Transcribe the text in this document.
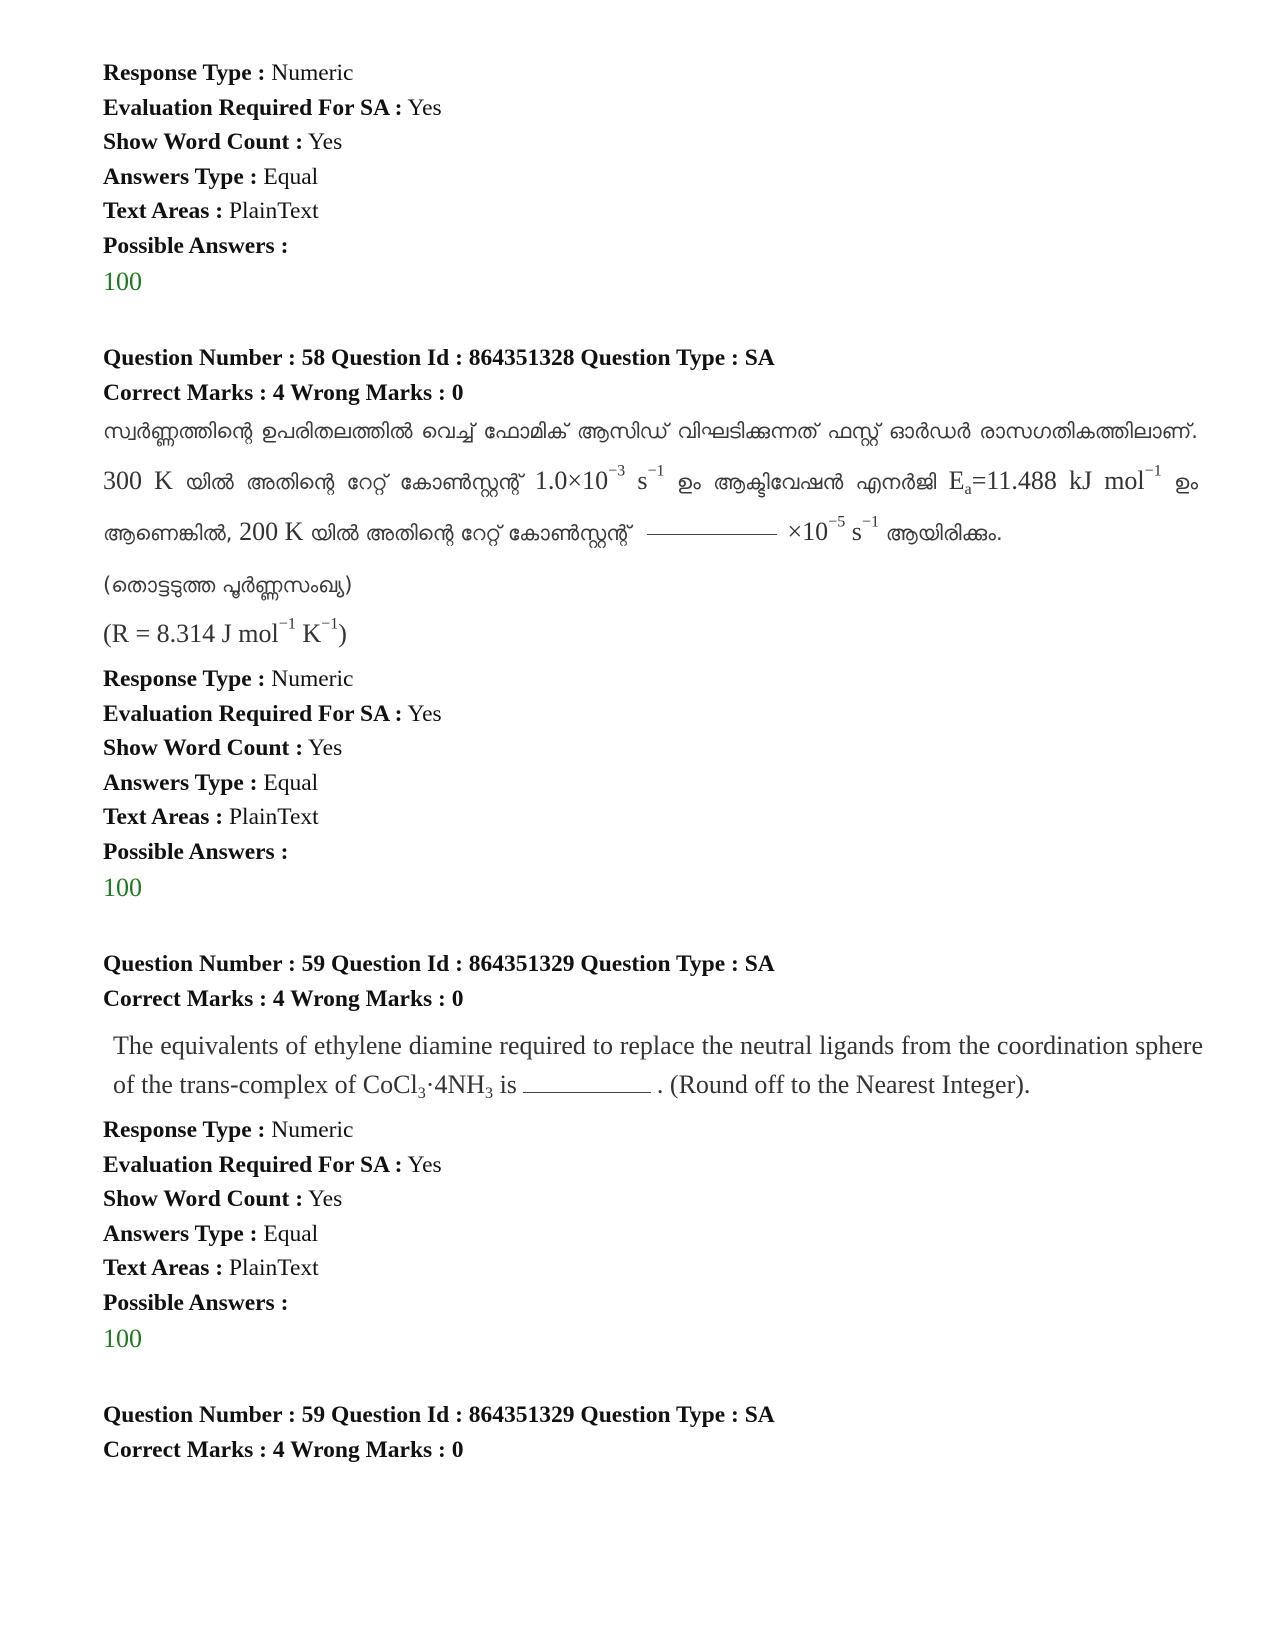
Response Type : Numeric
Evaluation Required For SA : Yes
Show Word Count : Yes
Answers Type : Equal
Text Areas : PlainText
Possible Answers :
100
Question Number : 58 Question Id : 864351328 Question Type : SA
Correct Marks : 4 Wrong Marks : 0
സ്വർണ്ണത്തിന്റെ ഉപരിതലത്തിൽ വെച്ച് ഫോമിക് ആസിഡ് വിഘടിക്കുന്നത് ഫസ്റ്റ് ഓർഡർ രാസഗതികത്തിലാണ്. 300 K യിൽ അതിന്റെ റേറ്റ് കോൺസ്റ്റന്റ് $1.0\times 10^{-3}$ $s^{-1}$ ഉം ആക്ടിവേഷൻ എനർജി $E_a=11.488$ kJ mol$^{-1}$ ഉം ആണെങ്കിൽ, 200 K യിൽ അതിന്റെ റേറ്റ് കോൺസ്റ്റന്റ്	$\times 10^{-5}$ $s^{-1}$ ആയിരിക്കും.
(തൊട്ടടുത്ത പൂർണ്ണസംഖ്യ)
(R = 8.314 J mol$^{-1}$ $K^{-1}$)
Response Type : Numeric
Evaluation Required For SA : Yes
Show Word Count : Yes
Answers Type : Equal
Text Areas : PlainText
Possible Answers :
100
Question Number : 59 Question Id : 864351329 Question Type : SA
Correct Marks : 4 Wrong Marks : 0
The equivalents of ethylene diamine required to replace the neutral ligands from the coordination sphere of the trans-complex of $CoCl_3\cdot 4NH_3$ is	. (Round off to the Nearest Integer).
Response Type : Numeric
Evaluation Required For SA : Yes
Show Word Count : Yes
Answers Type : Equal
Text Areas : PlainText
Possible Answers :
100
Question Number : 59 Question Id : 864351329 Question Type : SA
Correct Marks : 4 Wrong Marks : 0
